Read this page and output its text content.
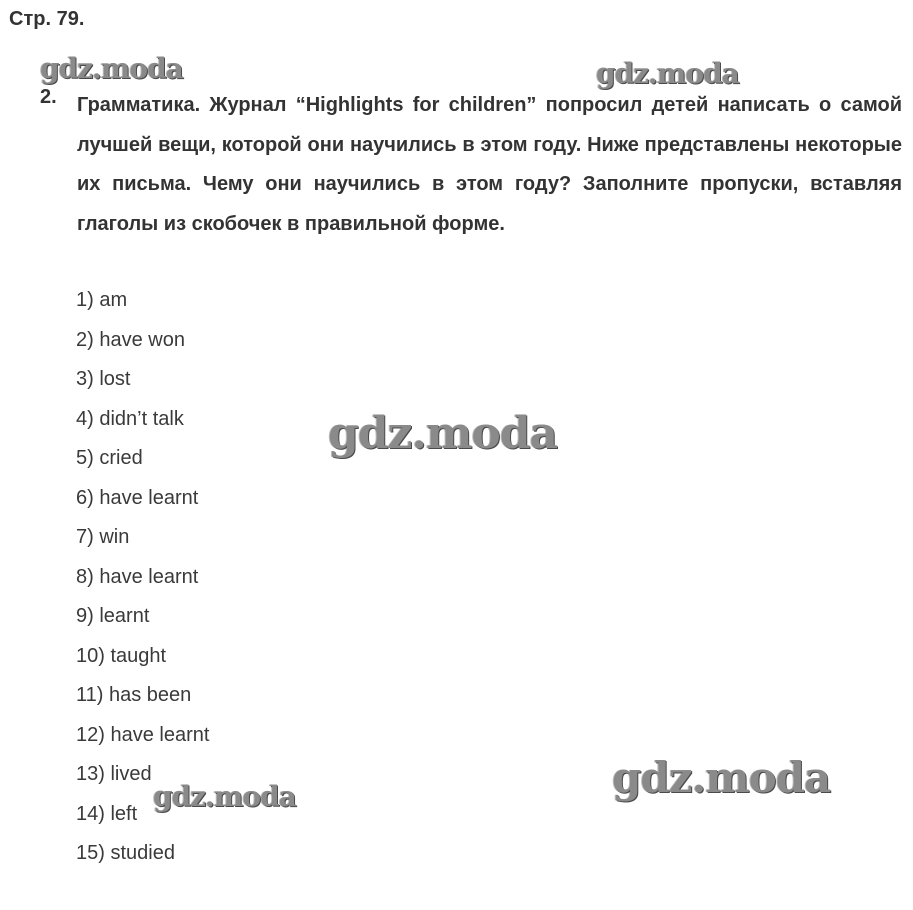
Стр. 79.
2. Грамматика. Журнал “Highlights for children” попросил детей написать о самой лучшей вещи, которой они научились в этом году. Ниже представлены некоторые их письма. Чему они научились в этом году? Заполните пропуски, вставляя глаголы из скобочек в правильной форме.
1) am
2) have won
3) lost
4) didn’t talk
5) cried
6) have learnt
7) win
8) have learnt
9) learnt
10) taught
11) has been
12) have learnt
13) lived
14) left
15) studied
gdz.moda	gdz.moda
gdz.moda
gdz.moda
gdz.moda
